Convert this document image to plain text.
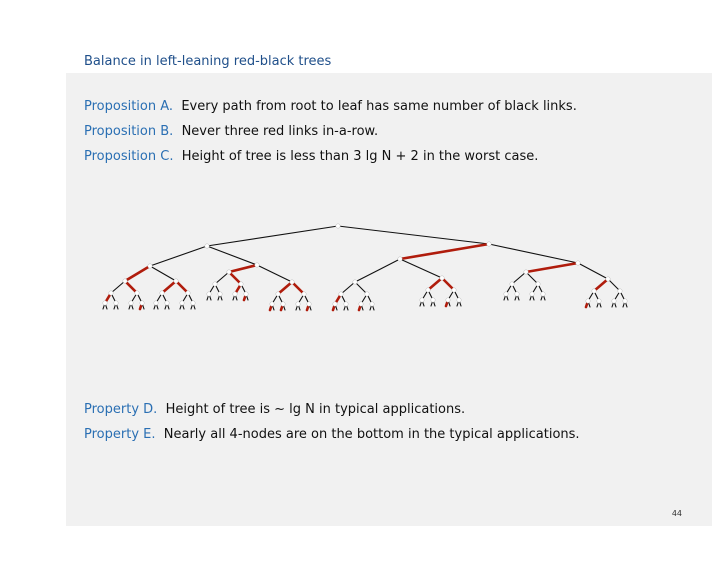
Balance in left-leaning red-black trees
Proposition A. Every path from root to leaf has same number of black links.
Proposition B. Never three red links in-a-row.
Proposition C. Height of tree is less than 3 lg N + 2 in the worst case.
Property D. Height of tree is ~ lg N in typical applications.
Property E. Nearly all 4-nodes are on the bottom in the typical applications.
44
